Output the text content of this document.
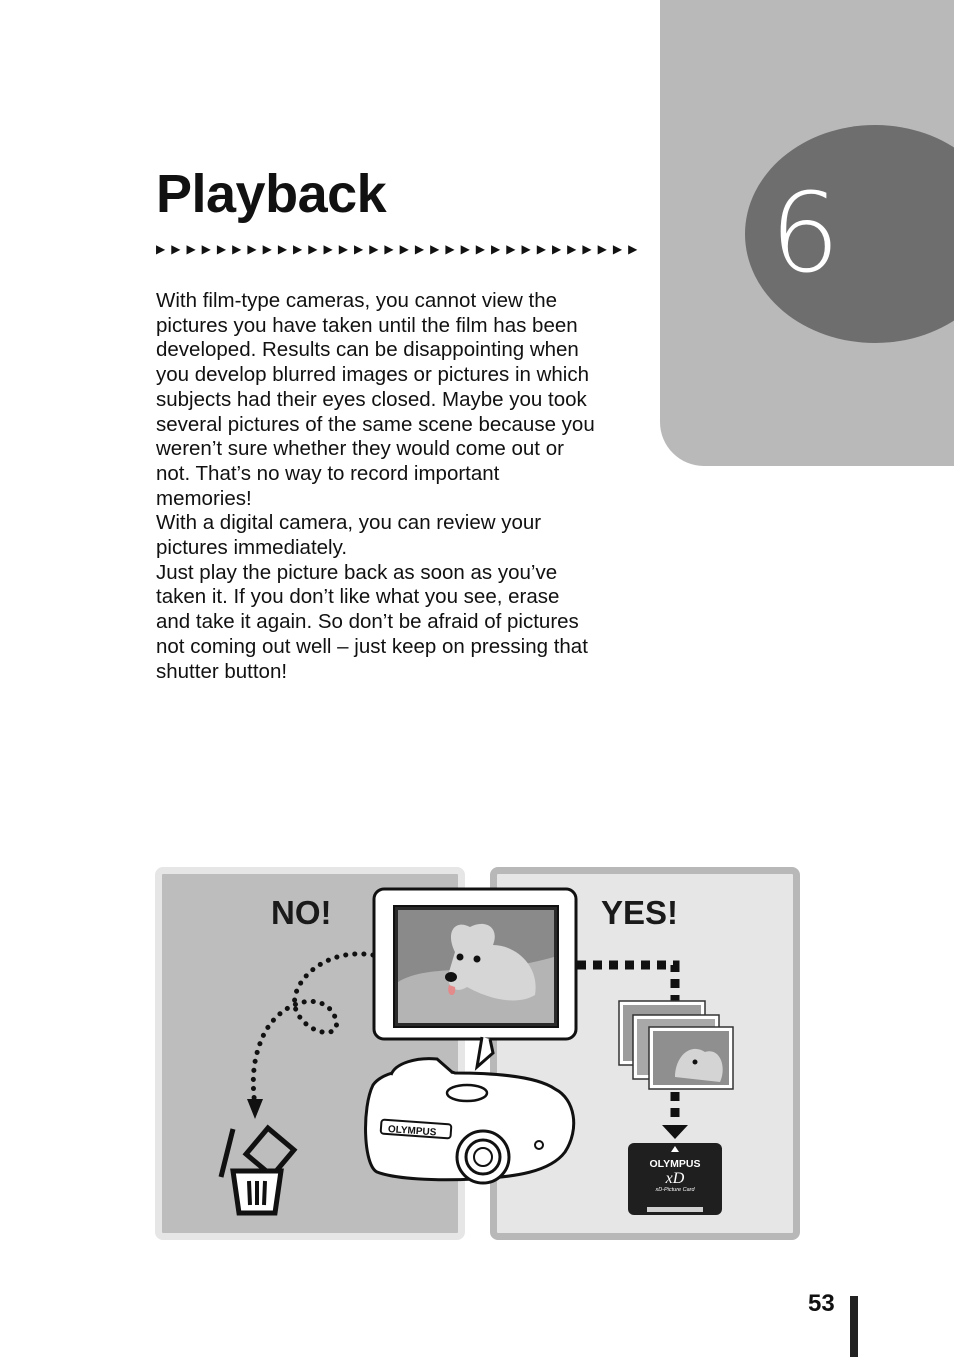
6
Playback
▶▶▶▶▶▶▶▶▶▶▶▶▶▶▶▶▶▶▶▶▶▶▶▶▶▶▶▶▶▶▶▶

With film-type cameras, you cannot view the pictures you have taken until the film has been developed. Results can be disappointing when you develop blurred images or pictures in which subjects had their eyes closed. Maybe you took several pictures of the same scene because you weren’t sure whether they would come out or not. That’s no way to record important memories!

With a digital camera, you can review your pictures immediately.

Just play the picture back as soon as you’ve taken it. If you don’t like what you see, erase and take it again. So don’t be afraid of pictures not coming out well – just keep on pressing that shutter button!

NO!	YES!
OLYMPUS
OLYMPUS
xD
xD-Picture Card
53
